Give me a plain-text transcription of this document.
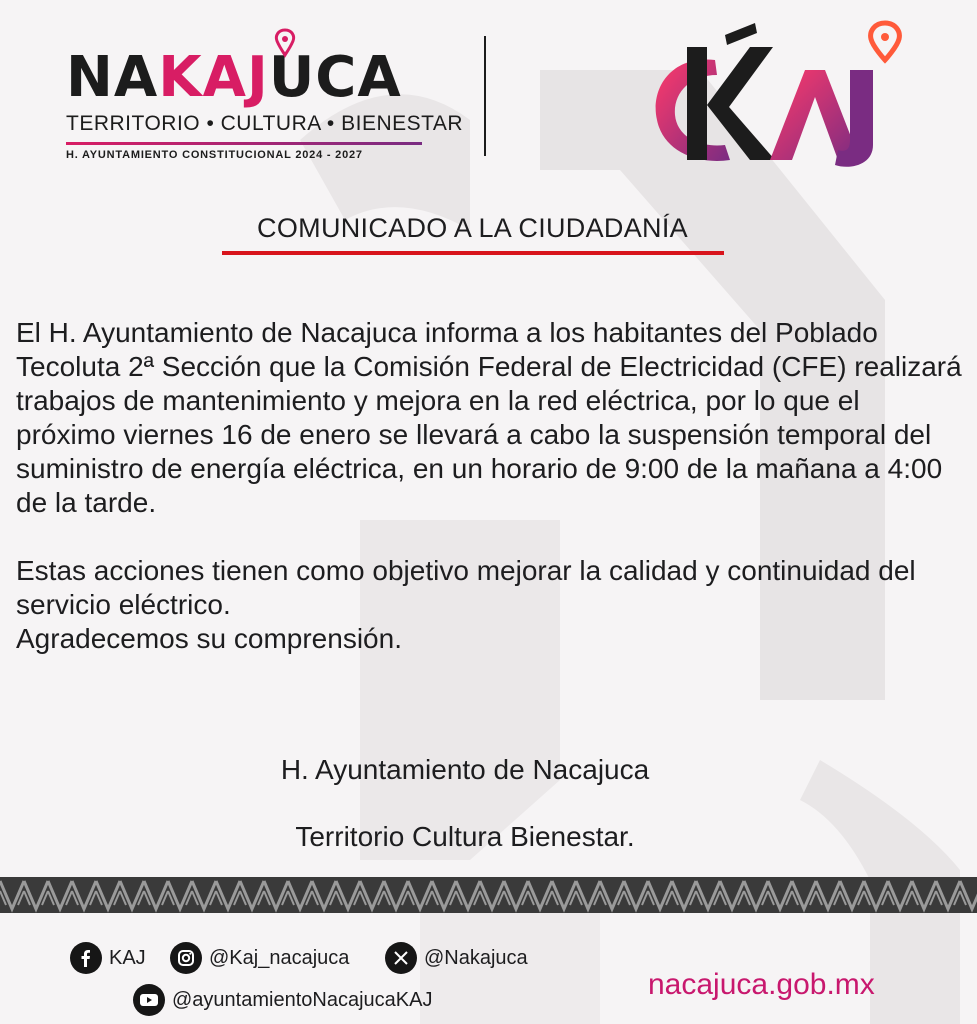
NAKAJUCA
TERRITORIO • CULTURA • BIENESTAR
H. AYUNTAMIENTO CONSTITUCIONAL 2024 - 2027
COMUNICADO A LA CIUDADANÍA

El H. Ayuntamiento de Nacajuca informa a los habitantes del Poblado Tecoluta 2ª Sección que la Comisión Federal de Electricidad (CFE) realizará trabajos de mantenimiento y mejora en la red eléctrica, por lo que el próximo viernes 16 de enero se llevará a cabo la suspensión temporal del suministro de energía eléctrica, en un horario de 9:00 de la mañana a 4:00 de la tarde.

Estas acciones tienen como objetivo mejorar la calidad y continuidad del servicio eléctrico.

Agradecemos su comprensión.
H. Ayuntamiento de Nacajuca
Territorio Cultura Bienestar.
KAJ	@Kaj_nacajuca	@Nakajuca
@ayuntamientoNacajucaKAJ	nacajuca.gob.mx
